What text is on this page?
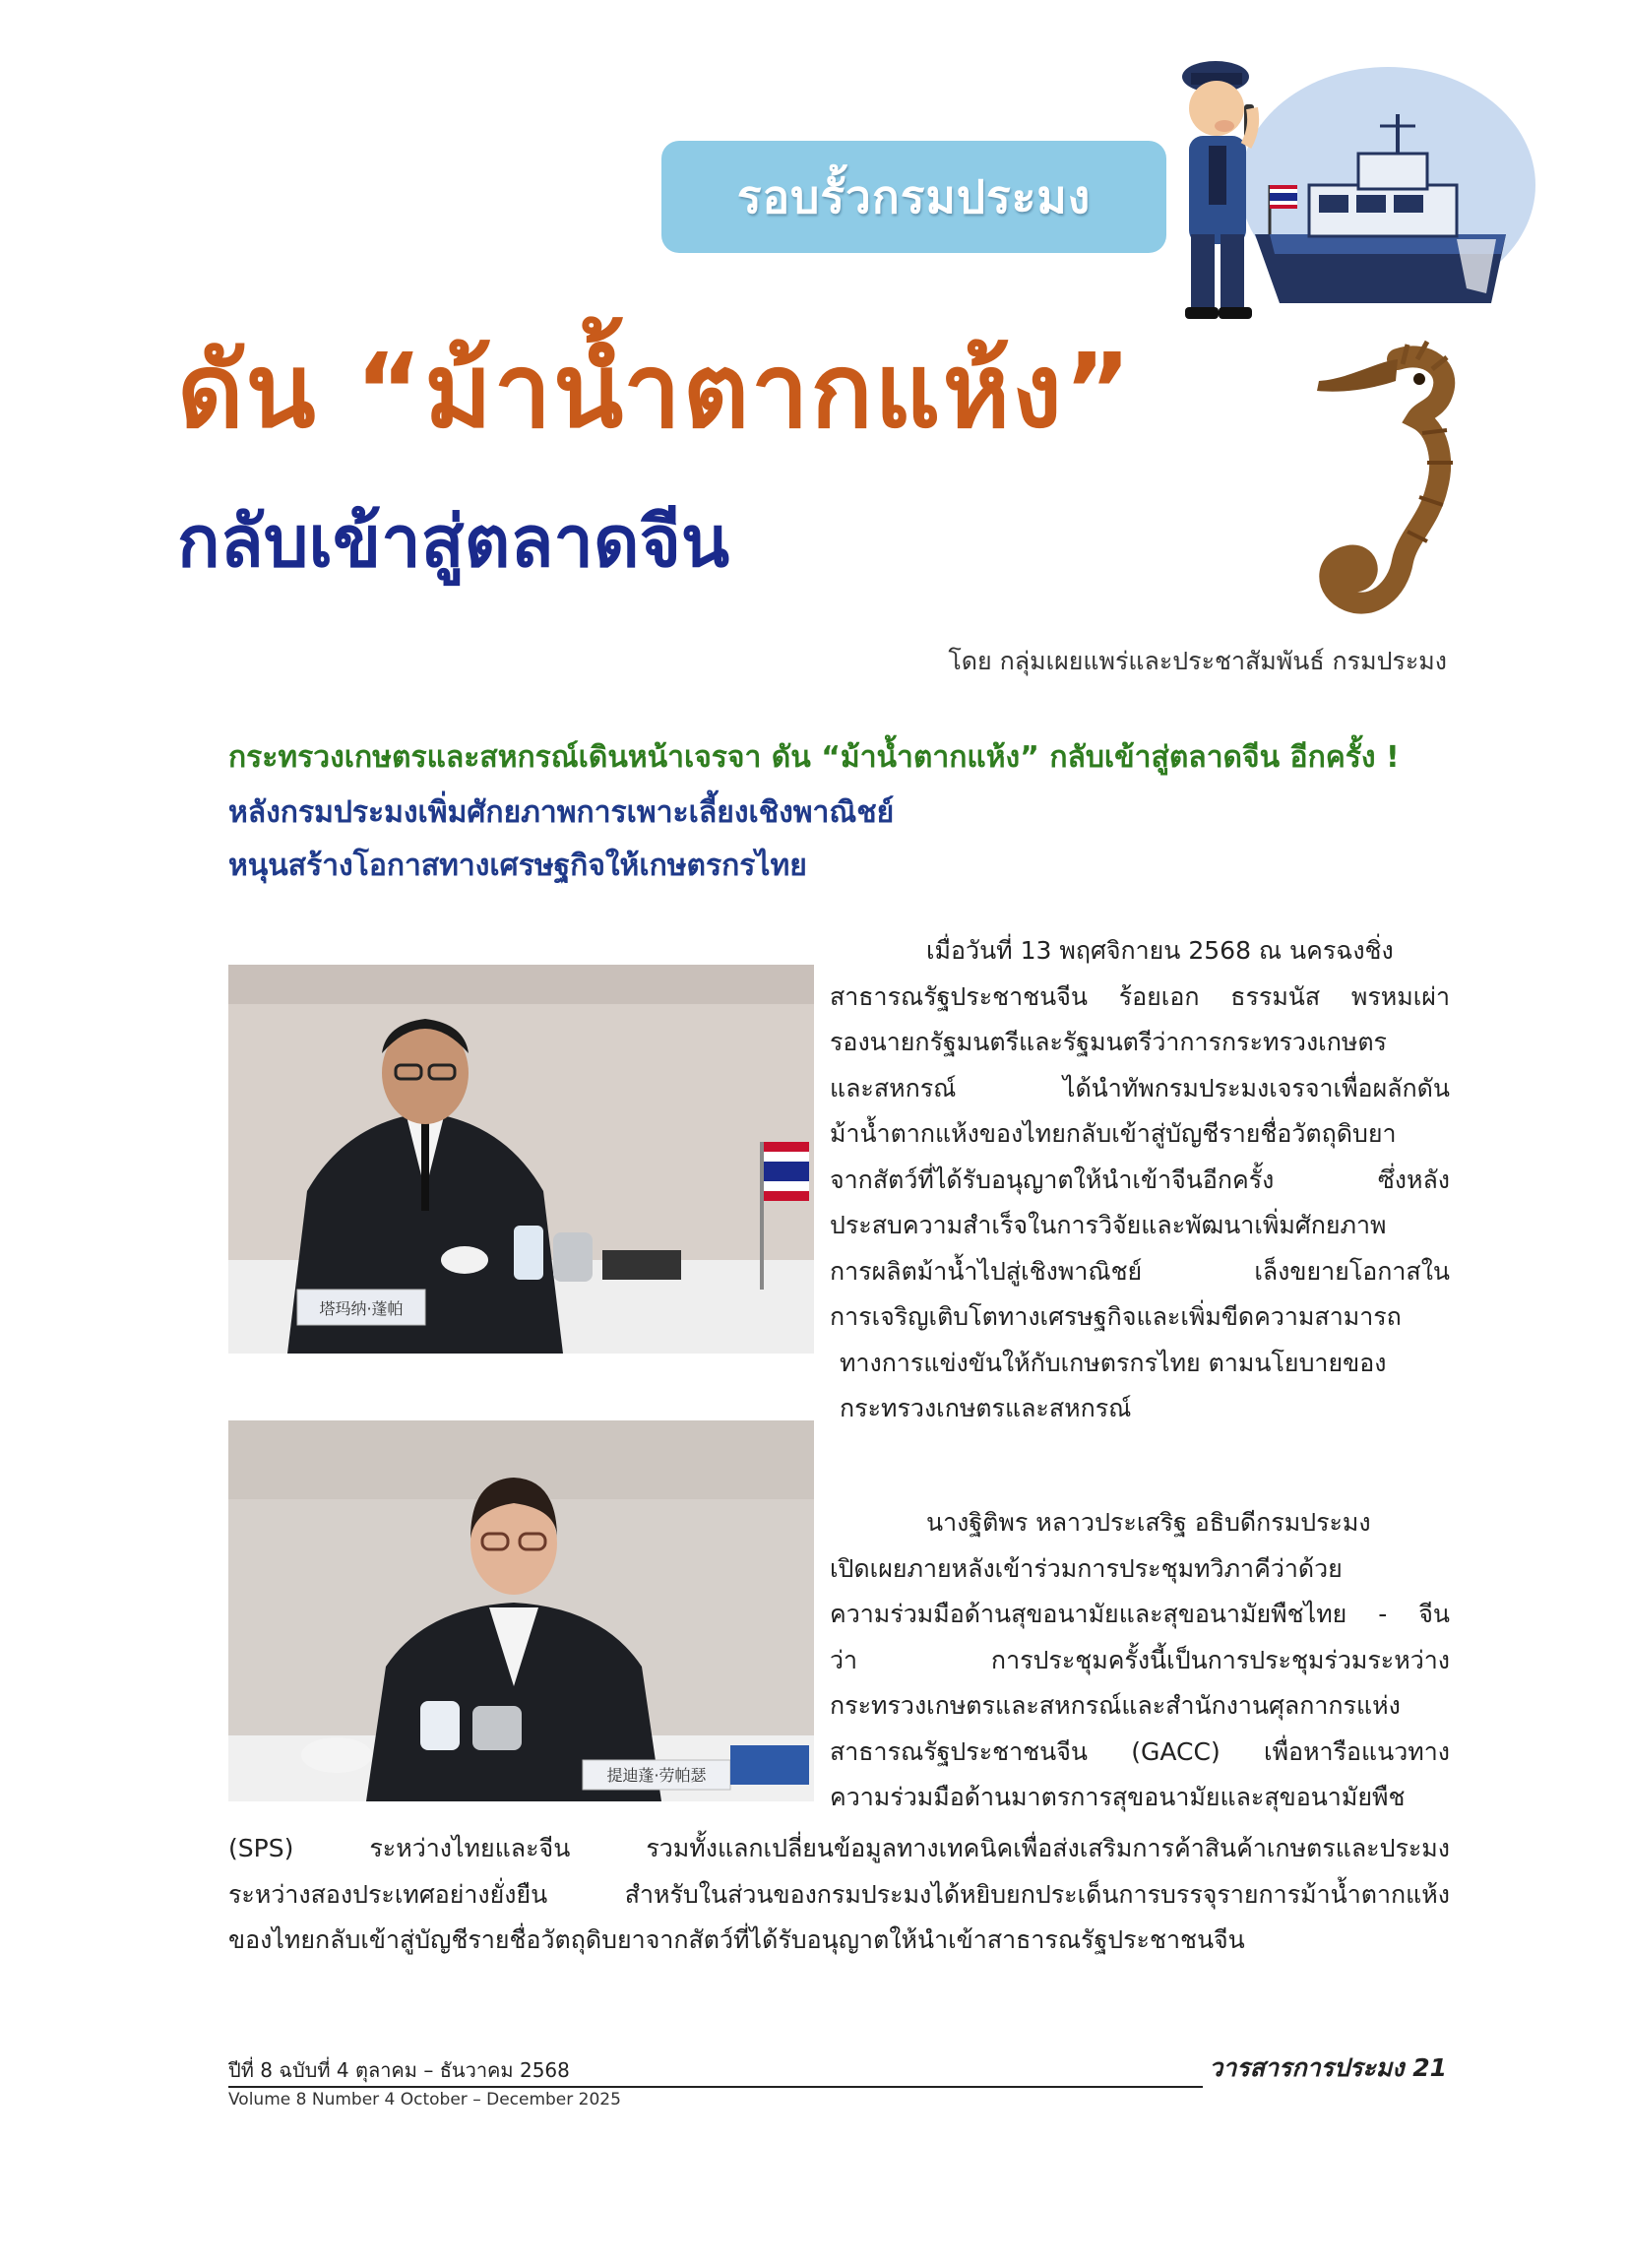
รอบรั้วกรมประมง
ดัน “ม้าน้ำตากแห้ง”
กลับเข้าสู่ตลาดจีน
โดย กลุ่มเผยแพร่และประชาสัมพันธ์ กรมประมง
กระทรวงเกษตรและสหกรณ์เดินหน้าเจรจา ดัน “ม้าน้ำตากแห้ง” กลับเข้าสู่ตลาดจีน อีกครั้ง !
หลังกรมประมงเพิ่มศักยภาพการเพาะเลี้ยงเชิงพาณิชย์
หนุนสร้างโอกาสทางเศรษฐกิจให้เกษตรกรไทย
塔玛纳·蓬帕
เมื่อวันที่ 13 พฤศจิกายน 2568 ณ นครฉงชิ่ง
สาธารณรัฐประชาชนจีน ร้อยเอก ธรรมนัส พรหมเผ่า
รองนายกรัฐมนตรีและรัฐมนตรีว่าการกระทรวงเกษตร
และสหกรณ์ ได้นำทัพกรมประมงเจรจาเพื่อผลักดัน
ม้าน้ำตากแห้งของไทยกลับเข้าสู่บัญชีรายชื่อวัตถุดิบยา
จากสัตว์ที่ได้รับอนุญาตให้นำเข้าจีนอีกครั้ง ซึ่งหลัง
ประสบความสำเร็จในการวิจัยและพัฒนาเพิ่มศักยภาพ
การผลิตม้าน้ำไปสู่เชิงพาณิชย์ เล็งขยายโอกาสใน
การเจริญเติบโตทางเศรษฐกิจและเพิ่มขีดความสามารถ
ทางการแข่งขันให้กับเกษตรกรไทย ตามนโยบายของ
กระทรวงเกษตรและสหกรณ์
提迪蓬·劳帕瑟
นางฐิติพร หลาวประเสริฐ อธิบดีกรมประมง
เปิดเผยภายหลังเข้าร่วมการประชุมทวิภาคีว่าด้วย
ความร่วมมือด้านสุขอนามัยและสุขอนามัยพืชไทย - จีน
ว่า การประชุมครั้งนี้เป็นการประชุมร่วมระหว่าง
กระทรวงเกษตรและสหกรณ์และสำนักงานศุลกากรแห่ง
สาธารณรัฐประชาชนจีน (GACC) เพื่อหารือแนวทาง
ความร่วมมือด้านมาตรการสุขอนามัยและสุขอนามัยพืช
(SPS) ระหว่างไทยและจีน รวมทั้งแลกเปลี่ยนข้อมูลทางเทคนิคเพื่อส่งเสริมการค้าสินค้าเกษตรและประมง
ระหว่างสองประเทศอย่างยั่งยืน สำหรับในส่วนของกรมประมงได้หยิบยกประเด็นการบรรจุรายการม้าน้ำตากแห้ง
ของไทยกลับเข้าสู่บัญชีรายชื่อวัตถุดิบยาจากสัตว์ที่ได้รับอนุญาตให้นำเข้าสาธารณรัฐประชาชนจีน
ปีที่ 8 ฉบับที่ 4 ตุลาคม – ธันวาคม 2568
Volume 8 Number 4 October – December 2025
วารสารการประมง 21
